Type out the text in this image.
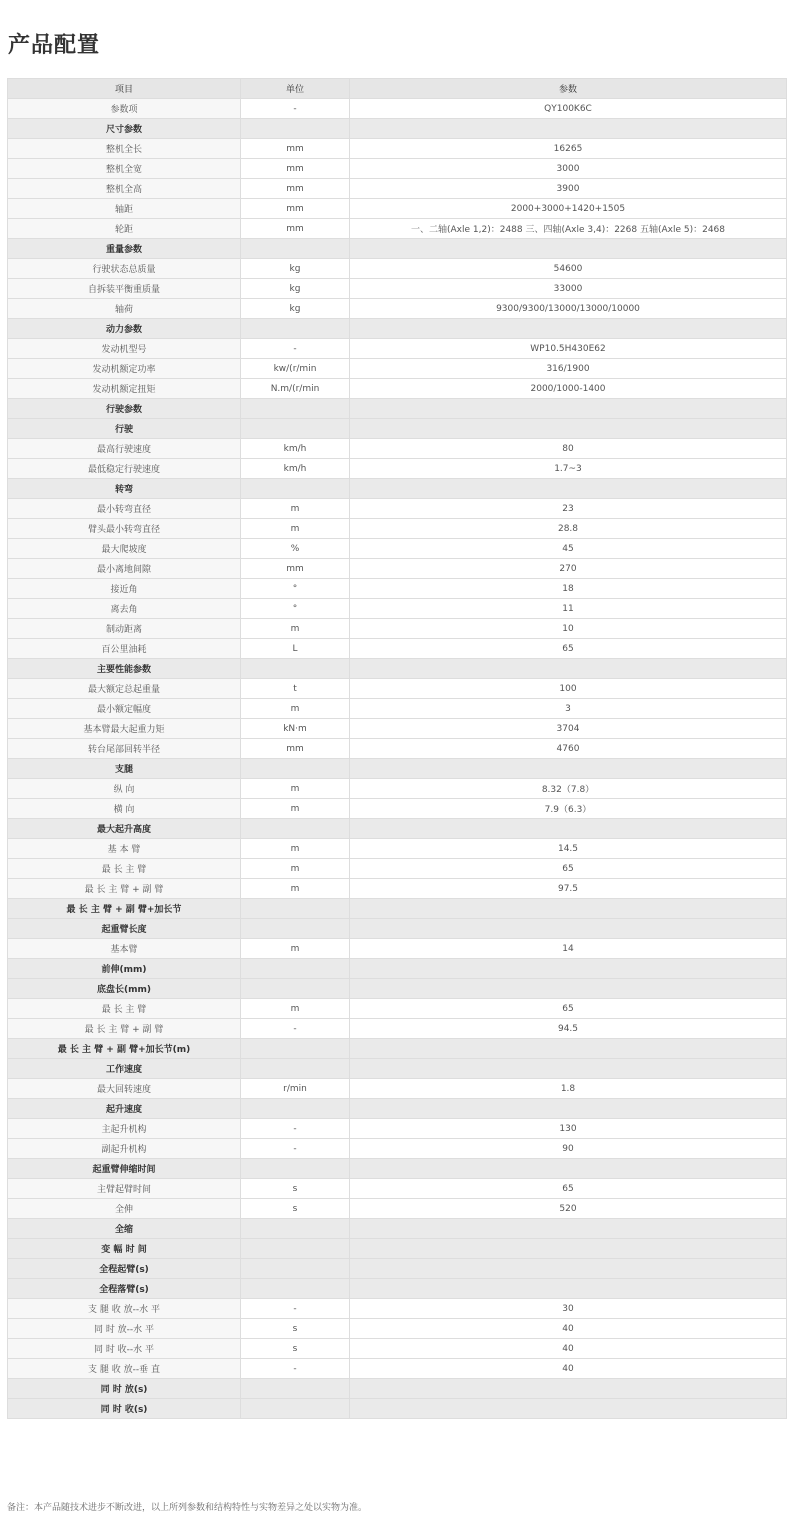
产品配置
项目	单位	参数
参数项	-	QY100K6C
尺寸参数		
整机全长	mm	16265
整机全宽	mm	3000
整机全高	mm	3900
轴距	mm	2000+3000+1420+1505
轮距	mm	一、二轴(Axle 1,2)：2488 三、四轴(Axle 3,4)：2268 五轴(Axle 5)：2468
重量参数		
行驶状态总质量	kg	54600
自拆装平衡重质量	kg	33000
轴荷	kg	9300/9300/13000/13000/10000
动力参数		
发动机型号	-	WP10.5H430E62
发动机额定功率	kw/(r/min	316/1900
发动机额定扭矩	N.m/(r/min	2000/1000-1400
行驶参数		
行驶		
最高行驶速度	km/h	80
最低稳定行驶速度	km/h	1.7~3
转弯		
最小转弯直径	m	23
臂头最小转弯直径	m	28.8
最大爬坡度	%	45
最小离地间隙	mm	270
接近角	°	18
离去角	°	11
制动距离	m	10
百公里油耗	L	65
主要性能参数		
最大额定总起重量	t	100
最小额定幅度	m	3
基本臂最大起重力矩	kN·m	3704
转台尾部回转半径	mm	4760
支腿		
纵 向	m	8.32（7.8）
横 向	m	7.9（6.3）
最大起升高度		
基 本 臂	m	14.5
最 长 主 臂	m	65
最 长 主 臂 + 副 臂	m	97.5
最 长 主 臂 + 副 臂+加长节		
起重臂长度		
基本臂	m	14
前伸(mm)		
底盘长(mm)		
最 长 主 臂	m	65
最 长 主 臂 + 副 臂	-	94.5
最 长 主 臂 + 副 臂+加长节(m)		
工作速度		
最大回转速度	r/min	1.8
起升速度		
主起升机构	-	130
副起升机构	-	90
起重臂伸缩时间		
主臂起臂时间	s	65
全伸	s	520
全缩		
变 幅 时 间		
全程起臂(s)		
全程落臂(s)		
支 腿 收 放--水 平	-	30
同 时 放--水 平	s	40
同 时 收--水 平	s	40
支 腿 收 放--垂 直	-	40
同 时 放(s)		
同 时 收(s)		

备注：本产品随技术进步不断改进，以上所列参数和结构特性与实物差异之处以实物为准。
